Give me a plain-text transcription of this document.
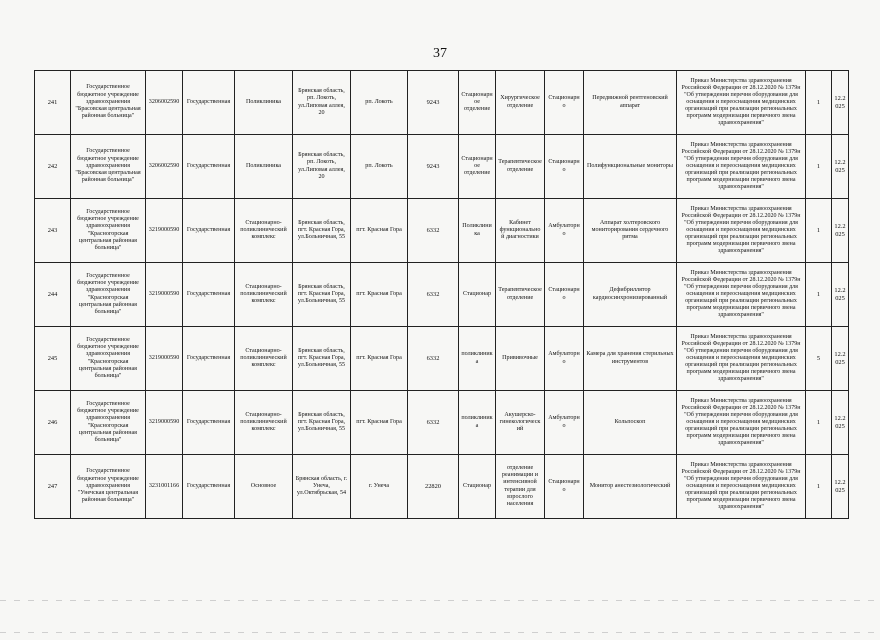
37
241	Государственное бюджетное учреждение здравоохранения "Брасовская центральная районная больница"	3206002590	Государственная	Поликлиника	Брянская область, рп. Локоть, ул.Липовая аллея, 20	рп. Локоть	9243	Стационарное отделение	Хирургическое отделение	Стационарно	Передвижной рентгеновский аппарат	Приказ Министерства здравоохранения Российской Федерации от 28.12.2020 № 1379н "Об утверждении перечня оборудования для оснащения и переоснащения медицинских организаций при реализации региональных программ модернизации первичного звена здравоохранения"	1	12.2025
242	Государственное бюджетное учреждение здравоохранения "Брасовская центральная районная больница"	3206002590	Государственная	Поликлиника	Брянская область, рп. Локоть, ул.Липовая аллея, 20	рп. Локоть	9243	Стационарное отделение	Терапевтическое отделение	Стационарно	Полифункциональные мониторы	Приказ Министерства здравоохранения Российской Федерации от 28.12.2020 № 1379н "Об утверждении перечня оборудования для оснащения и переоснащения медицинских организаций при реализации региональных программ модернизации первичного звена здравоохранения"	1	12.2025
243	Государственное бюджетное учреждение здравоохранения "Красногорская центральная районная больница"	3219000590	Государственная	Стационарно-поликлинический комплекс	Брянская область, пгт. Красная Гора, ул.Больничная, 55	пгт. Красная Гора	6332	Поликлиника	Кабинет функциональной диагностики	Амбулаторно	Аппарат холтеровского мониторирования сердечного ритма	Приказ Министерства здравоохранения Российской Федерации от 28.12.2020 № 1379н "Об утверждении перечня оборудования для оснащения и переоснащения медицинских организаций при реализации региональных программ модернизации первичного звена здравоохранения"	1	12.2025
244	Государственное бюджетное учреждение здравоохранения "Красногорская центральная районная больница"	3219000590	Государственная	Стационарно-поликлинический комплекс	Брянская область, пгт. Красная Гора, ул.Больничная, 55	пгт. Красная Гора	6332	Стационар	Терапевтическое отделение	Стационарно	Дефибриллятор кардиосинхронизированный	Приказ Министерства здравоохранения Российской Федерации от 28.12.2020 № 1379н "Об утверждении перечня оборудования для оснащения и переоснащения медицинских организаций при реализации региональных программ модернизации первичного звена здравоохранения"	1	12.2025
245	Государственное бюджетное учреждение здравоохранения "Красногорская центральная районная больница"	3219000590	Государственная	Стационарно-поликлинический комплекс	Брянская область, пгт. Красная Гора, ул.Больничная, 55	пгт. Красная Гора	6332	поликлиника	Прививочные	Амбулаторно	Камера для хранения стерильных инструментов	Приказ Министерства здравоохранения Российской Федерации от 28.12.2020 № 1379н "Об утверждении перечня оборудования для оснащения и переоснащения медицинских организаций при реализации региональных программ модернизации первичного звена здравоохранения"	5	12.2025
246	Государственное бюджетное учреждение здравоохранения "Красногорская центральная районная больница"	3219000590	Государственная	Стационарно-поликлинический комплекс	Брянская область, пгт. Красная Гора, ул.Больничная, 55	пгт. Красная Гора	6332	поликлиника	Акушерско-гинекологический	Амбулаторно	Кольпоскоп	Приказ Министерства здравоохранения Российской Федерации от 28.12.2020 № 1379н "Об утверждении перечня оборудования для оснащения и переоснащения медицинских организаций при реализации региональных программ модернизации первичного звена здравоохранения"	1	12.2025
247	Государственное бюджетное учреждение здравоохранения "Унечская центральная районная больница"	3231001166	Государственная	Основное	Брянская область, г. Унеча, ул.Октябрьская, 54	г. Унеча	22820	Стационар	отделение реанимации и интенсивной терапии для взрослого населения	Стационарно	Монитор анестезиологический	Приказ Министерства здравоохранения Российской Федерации от 28.12.2020 № 1379н "Об утверждении перечня оборудования для оснащения и переоснащения медицинских организаций при реализации региональных программ модернизации первичного звена здравоохранения"	1	12.2025
